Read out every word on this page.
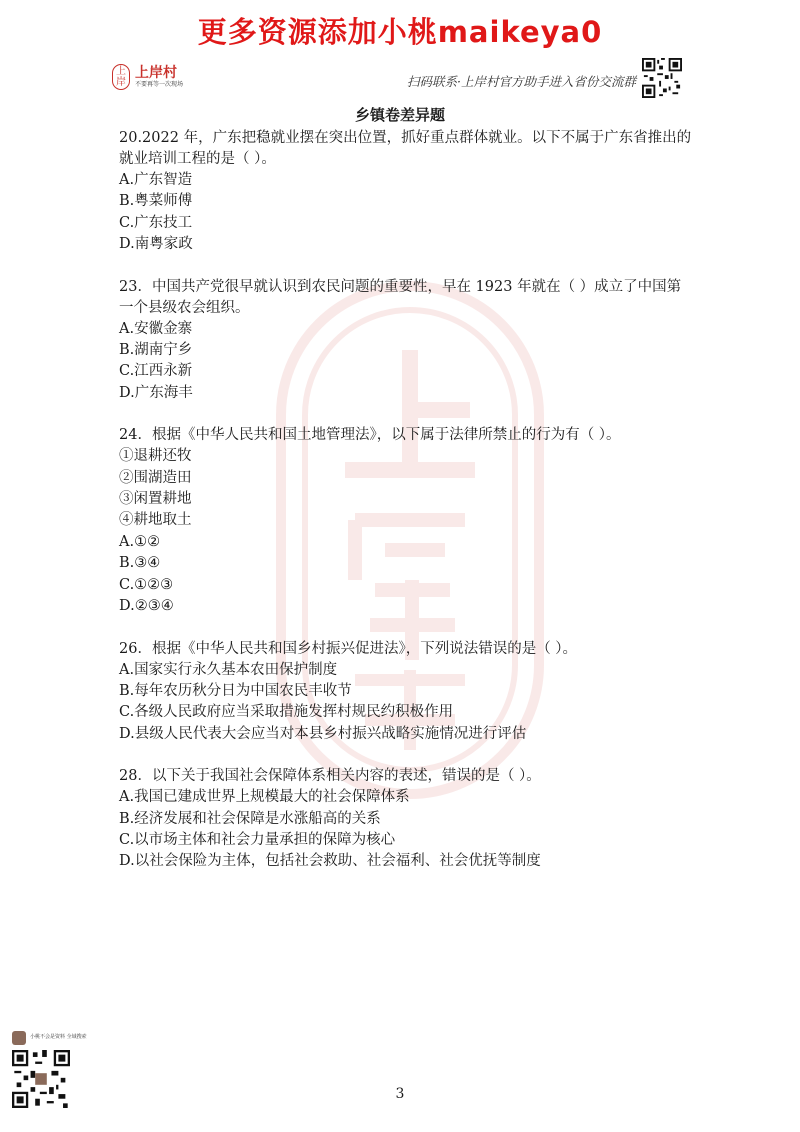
更多资源添加小桃maikeya0
上岸
上岸村
不要再等一次现场	扫码联系·上岸村官方助手进入省份交流群
乡镇卷差异题

20.2022 年，广东把稳就业摆在突出位置，抓好重点群体就业。以下不属于广东省推出的就业培训工程的是（ ）。

A.广东智造

B.粤菜师傅

C.广东技工

D.南粤家政

23．中国共产党很早就认识到农民问题的重要性，早在 1923 年就在（ ）成立了中国第一个县级农会组织。

A.安徽金寨

B.湖南宁乡

C.江西永新

D.广东海丰

24．根据《中华人民共和国土地管理法》，以下属于法律所禁止的行为有（ ）。

①退耕还牧

②围湖造田

③闲置耕地

④耕地取土

A.①②

B.③④

C.①②③

D.②③④

26．根据《中华人民共和国乡村振兴促进法》，下列说法错误的是（ ）。

A.国家实行永久基本农田保护制度

B.每年农历秋分日为中国农民丰收节

C.各级人民政府应当采取措施发挥村规民约积极作用

D.县级人民代表大会应当对本县乡村振兴战略实施情况进行评估

28．以下关于我国社会保障体系相关内容的表述，错误的是（ ）。

A.我国已建成世界上规模最大的社会保障体系

B.经济发展和社会保障是水涨船高的关系

C.以市场主体和社会力量承担的保障为核心

D.以社会保险为主体，包括社会救助、社会福利、社会优抚等制度

小桃不会是资料 全域搜索
3
